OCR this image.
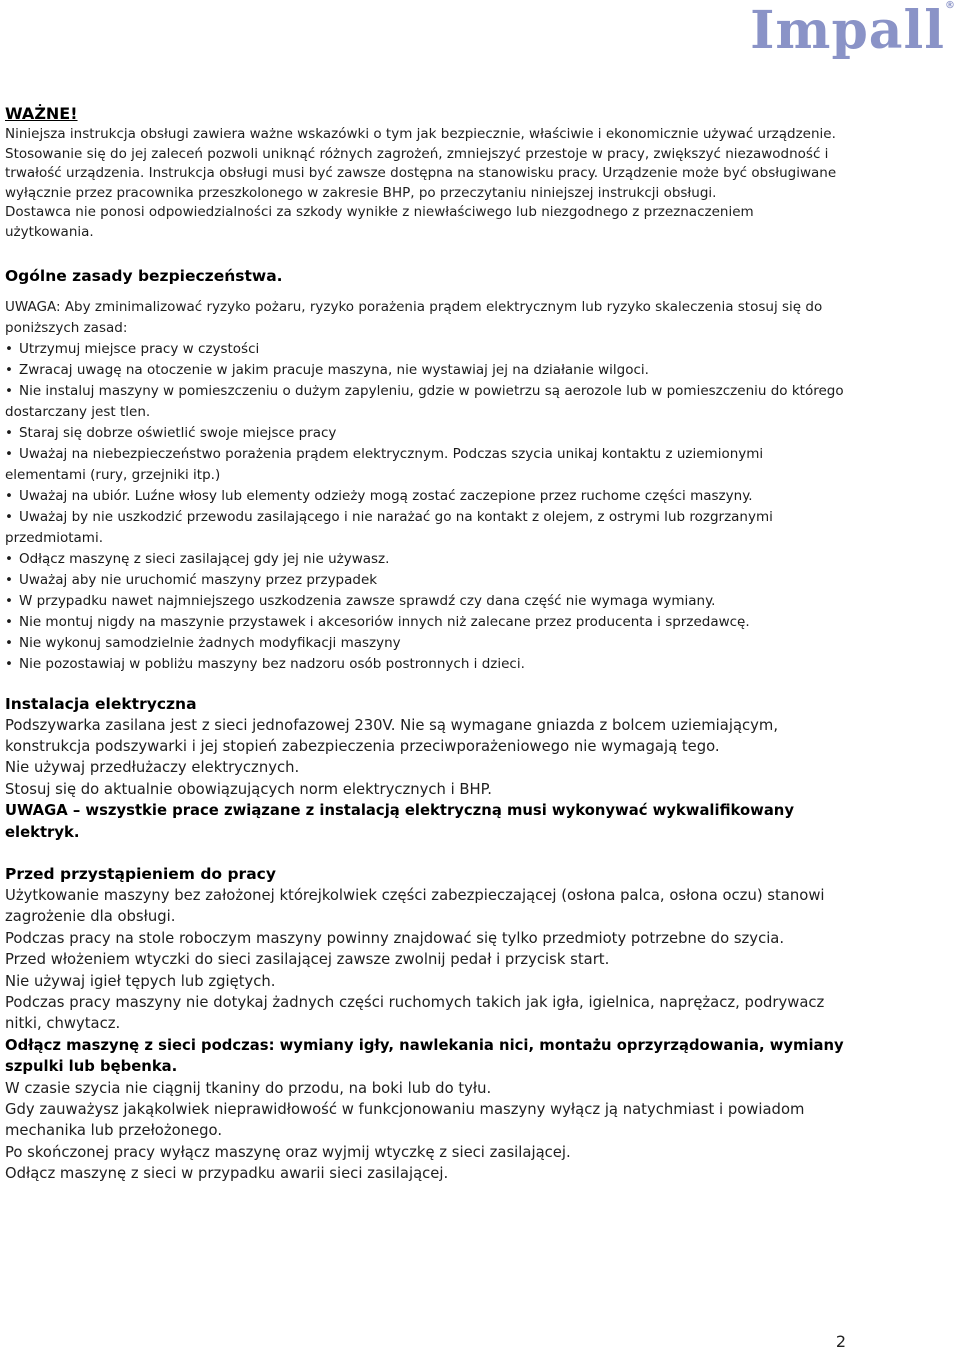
Impall®
WAŻNE!

Niniejsza instrukcja obsługi zawiera ważne wskazówki o tym jak bezpiecznie, właściwie i ekonomicznie używać urządzenie. Stosowanie się do jej zaleceń pozwoli uniknąć różnych zagrożeń, zmniejszyć przestoje w pracy, zwiększyć niezawodność i trwałość urządzenia. Instrukcja obsługi musi być zawsze dostępna na stanowisku pracy. Urządzenie może być obsługiwane wyłącznie przez pracownika przeszkolonego w zakresie BHP, po przeczytaniu niniejszej instrukcji obsługi.

Dostawca nie ponosi odpowiedzialności za szkody wynikłe z niewłaściwego lub niezgodnego z przeznaczeniem użytkowania.

Ogólne zasady bezpieczeństwa.

UWAGA: Aby zminimalizować ryzyko pożaru, ryzyko porażenia prądem elektrycznym lub ryzyko skaleczenia stosuj się do poniższych zasad:

• Utrzymuj miejsce pracy w czystości
• Zwracaj uwagę na otoczenie w jakim pracuje maszyna, nie wystawiaj jej na działanie wilgoci.
• Nie instaluj maszyny w pomieszczeniu o dużym zapyleniu, gdzie w powietrzu są aerozole lub w pomieszczeniu do którego dostarczany jest tlen.
• Staraj się dobrze oświetlić swoje miejsce pracy
• Uważaj na niebezpieczeństwo porażenia prądem elektrycznym. Podczas szycia unikaj kontaktu z uziemionymi elementami (rury, grzejniki itp.)
• Uważaj na ubiór. Luźne włosy lub elementy odzieży mogą zostać zaczepione przez ruchome części maszyny.
• Uważaj by nie uszkodzić przewodu zasilającego i nie narażać go na kontakt z olejem, z ostrymi lub rozgrzanymi przedmiotami.
• Odłącz maszynę z sieci zasilającej gdy jej nie używasz.
• Uważaj aby nie uruchomić maszyny przez przypadek
• W przypadku nawet najmniejszego uszkodzenia zawsze sprawdź czy dana część nie wymaga wymiany.
• Nie montuj nigdy na maszynie przystawek i akcesoriów innych niż zalecane przez producenta i sprzedawcę.
• Nie wykonuj samodzielnie żadnych modyfikacji maszyny
• Nie pozostawiaj w pobliżu maszyny bez nadzoru osób postronnych i dzieci.
Instalacja elektryczna

Podszywarka zasilana jest z sieci jednofazowej 230V. Nie są wymagane gniazda z bolcem uziemiającym, konstrukcja podszywarki i jej stopień zabezpieczenia przeciwporażeniowego nie wymagają tego.

Nie używaj przedłużaczy elektrycznych.

Stosuj się do aktualnie obowiązujących norm elektrycznych i BHP.

UWAGA – wszystkie prace związane z instalacją elektryczną musi wykonywać wykwalifikowany elektryk.

Przed przystąpieniem do pracy

Użytkowanie maszyny bez założonej którejkolwiek części zabezpieczającej (osłona palca, osłona oczu) stanowi zagrożenie dla obsługi.

Podczas pracy na stole roboczym maszyny powinny znajdować się tylko przedmioty potrzebne do szycia.

Przed włożeniem wtyczki do sieci zasilającej zawsze zwolnij pedał i przycisk start.

Nie używaj igieł tępych lub zgiętych.

Podczas pracy maszyny nie dotykaj żadnych części ruchomych takich jak igła, igielnica, naprężacz, podrywacz nitki, chwytacz.

Odłącz maszynę z sieci podczas: wymiany igły, nawlekania nici, montażu oprzyrządowania, wymiany szpulki lub bębenka.

W czasie szycia nie ciągnij tkaniny do przodu, na boki lub do tyłu.

Gdy zauważysz jakąkolwiek nieprawidłowość w funkcjonowaniu maszyny wyłącz ją natychmiast i powiadom mechanika lub przełożonego.

Po skończonej pracy wyłącz maszynę oraz wyjmij wtyczkę z sieci zasilającej.

Odłącz maszynę z sieci w przypadku awarii sieci zasilającej.

2
